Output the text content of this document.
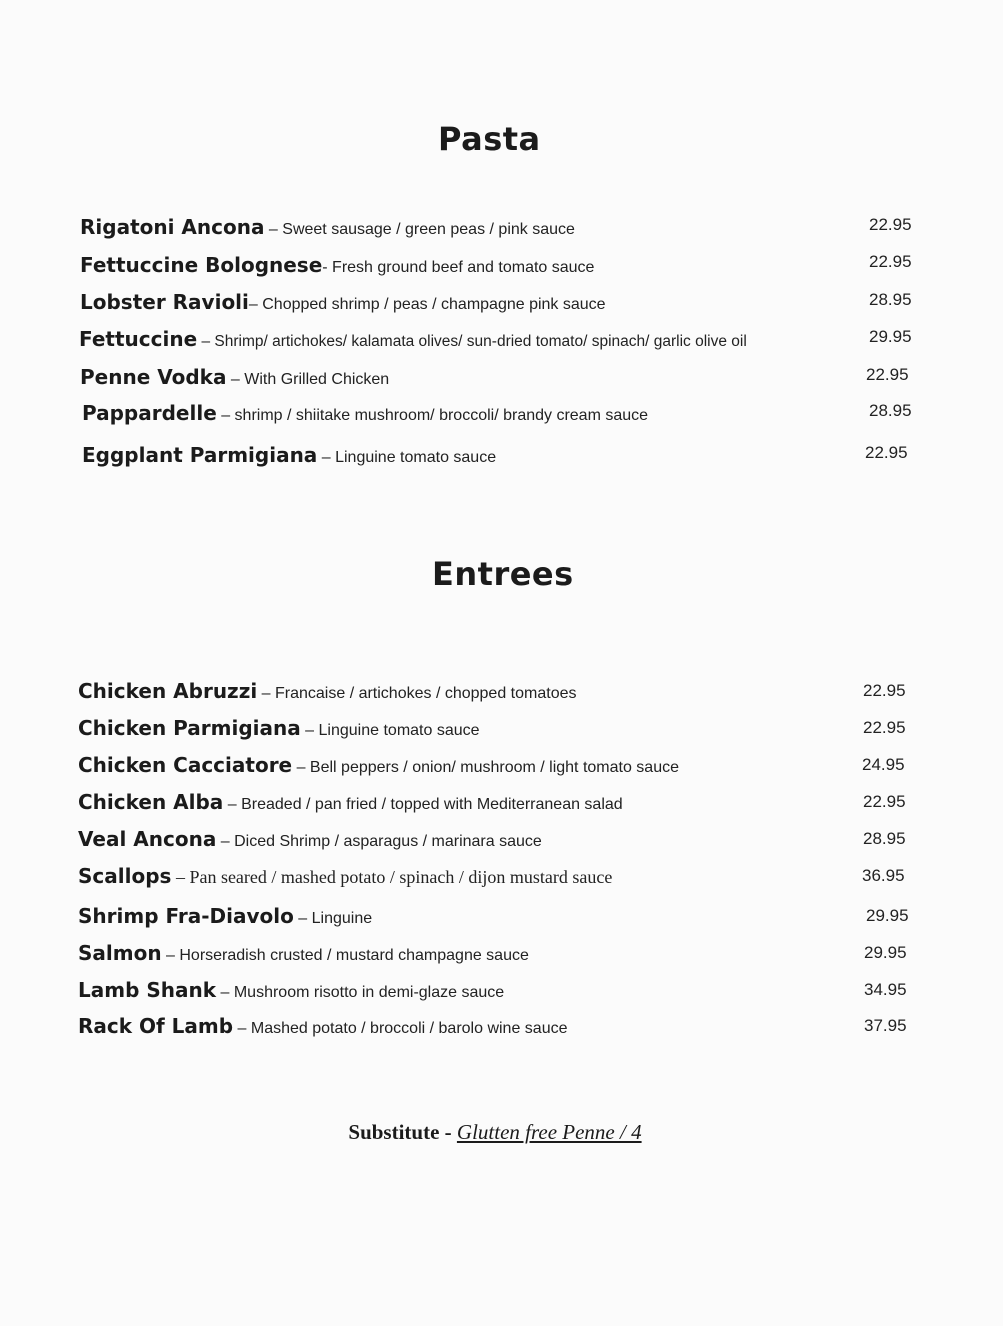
Pasta
Rigatoni Ancona – Sweet sausage / green peas / pink sauce	22.95
Fettuccine Bolognese- Fresh ground beef and tomato sauce	22.95
Lobster Ravioli– Chopped shrimp / peas / champagne pink sauce	28.95
Fettuccine – Shrimp/ artichokes/ kalamata olives/ sun-dried tomato/ spinach/ garlic olive oil	29.95
Penne Vodka – With Grilled Chicken	22.95
Pappardelle – shrimp / shiitake mushroom/ broccoli/ brandy cream sauce	28.95
Eggplant Parmigiana – Linguine tomato sauce	22.95
Entrees
Chicken Abruzzi – Francaise / artichokes / chopped tomatoes	22.95
Chicken Parmigiana – Linguine tomato sauce	22.95
Chicken Cacciatore – Bell peppers / onion/ mushroom / light tomato sauce	24.95
Chicken Alba – Breaded / pan fried / topped with Mediterranean salad	22.95
Veal Ancona – Diced Shrimp / asparagus / marinara sauce	28.95
Scallops – Pan seared / mashed potato / spinach / dijon mustard sauce	36.95
Shrimp Fra-Diavolo – Linguine	29.95
Salmon – Horseradish crusted / mustard champagne sauce	29.95
Lamb Shank – Mushroom risotto in demi-glaze sauce	34.95
Rack Of Lamb – Mashed potato / broccoli / barolo wine sauce	37.95
Substitute - Glutten free Penne / 4
